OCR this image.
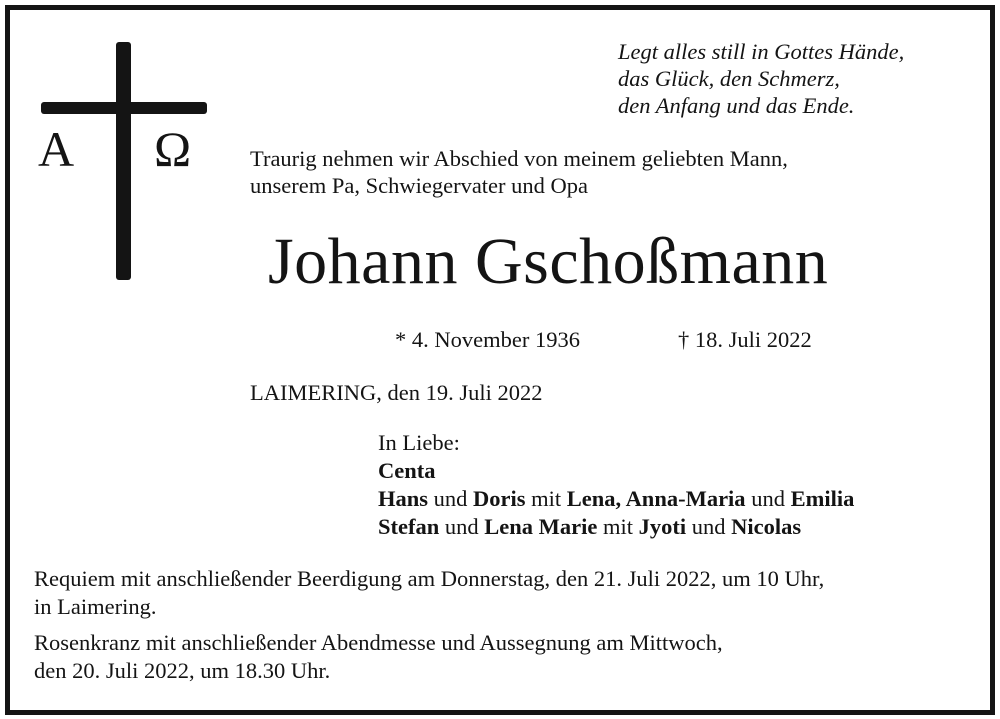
A Ω
Legt alles still in Gottes Hände,
das Glück, den Schmerz,
den Anfang und das Ende.
Traurig nehmen wir Abschied von meinem geliebten Mann,
unserem Pa, Schwiegervater und Opa
Johann Gschoßmann
* 4. November 1936	† 18. Juli 2022
LAIMERING, den 19. Juli 2022
In Liebe:
Centa
Hans und Doris mit Lena, Anna-Maria und Emilia
Stefan und Lena Marie mit Jyoti und Nicolas

Requiem mit anschließender Beerdigung am Donnerstag, den 21. Juli 2022, um 10 Uhr,
in Laimering.

Rosenkranz mit anschließender Abendmesse und Aussegnung am Mittwoch,
den 20. Juli 2022, um 18.30 Uhr.
